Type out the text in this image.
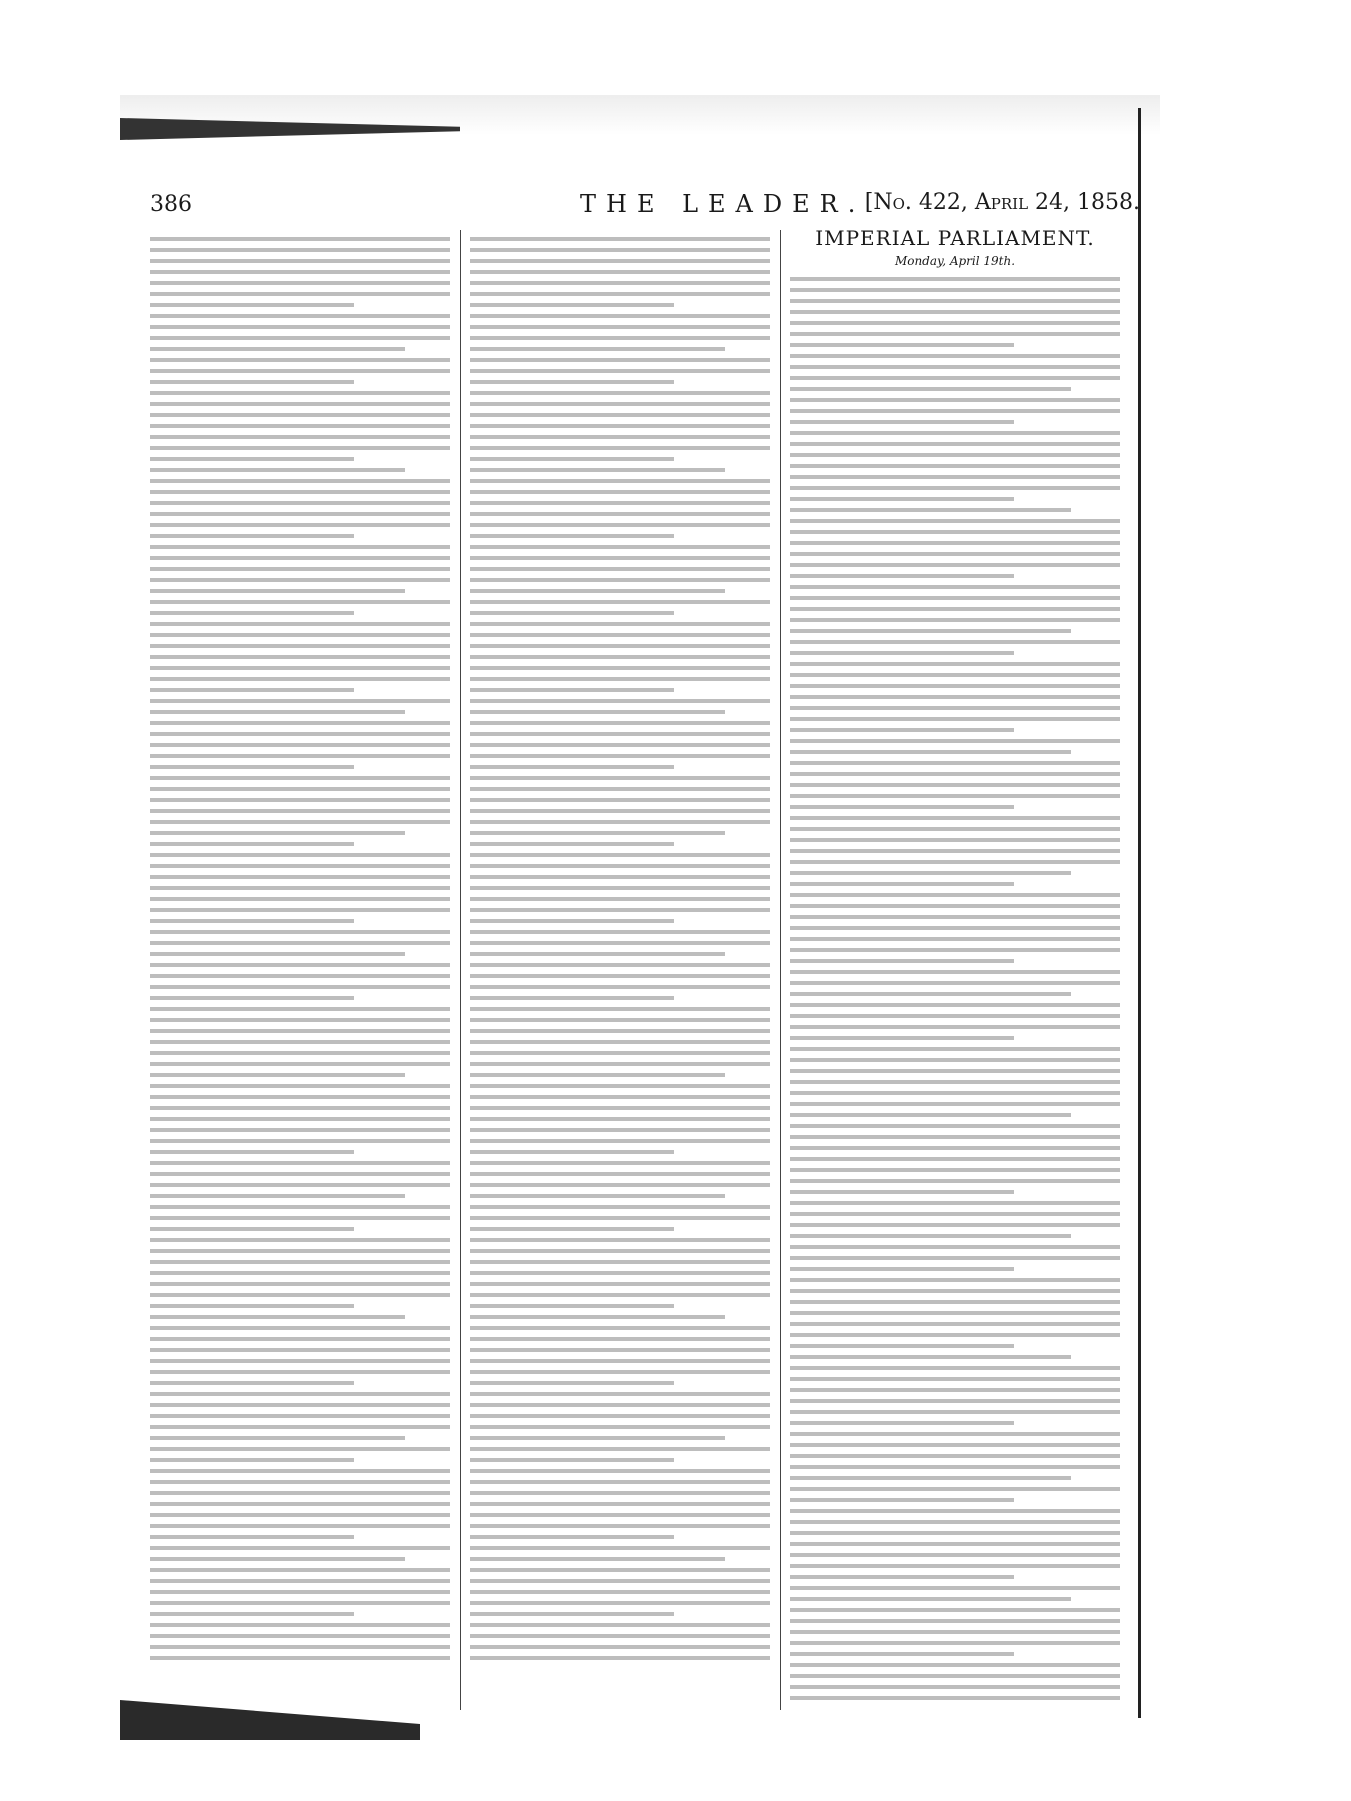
386	THE LEADER. [No. 422, April 24, 1858.
IMPERIAL PARLIAMENT.
Monday, April 19th.
